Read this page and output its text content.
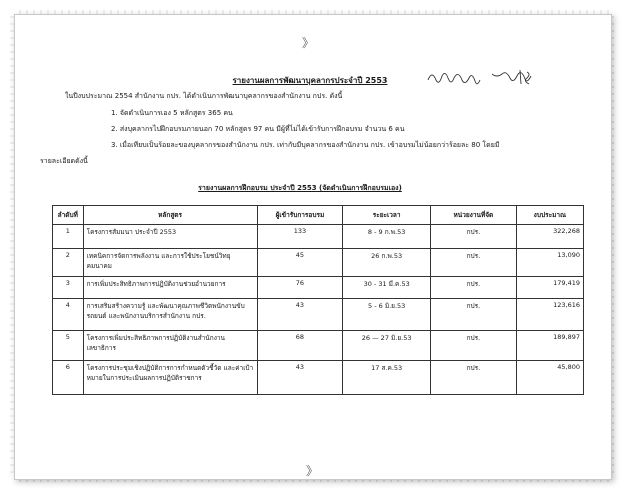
》
》
รายงานผลการพัฒนาบุคลากรประจำปี 2553
ในปีงบประมาณ 2554 สำนักงาน กปร. ได้ดำเนินการพัฒนาบุคลากรของสำนักงาน กปร. ดังนี้
1. จัดดำเนินการเอง 5 หลักสูตร 365 คน
2. ส่งบุคลากรไปฝึกอบรมภายนอก 70 หลักสูตร 97 คน มีผู้ที่ไม่ได้เข้ารับการฝึกอบรม จำนวน 6 คน
3. เมื่อเทียบเป็นร้อยละของบุคลากรของสำนักงาน กปร. เท่ากับมีบุคลากรของสำนักงาน กปร. เข้าอบรมไม่น้อยกว่าร้อยละ 80 โดยมี
รายละเอียดดังนี้
รายงานผลการฝึกอบรม ประจำปี 2553 (จัดดำเนินการฝึกอบรมเอง)
ลำดับที่	หลักสูตร	ผู้เข้ารับการอบรม	ระยะเวลา	หน่วยงานที่จัด	งบประมาณ
1	โครงการสัมมนา ประจำปี 2553	133	8 - 9 ก.พ.53	กปร.	322,268
2	เทคนิคการจัดการพลังงาน และการใช้ประโยชน์วิทยุคมนาคม	45	26 ก.พ.53	กปร.	13,090
3	การเพิ่มประสิทธิภาพการปฏิบัติงานช่วยอำนวยการ	76	30 - 31 มี.ค.53	กปร.	179,419
4	การเสริมสร้างความรู้ และพัฒนาคุณภาพชีวิตพนักงานขับรถยนต์ และพนักงานบริการสำนักงาน กปร.	43	5 - 6 มิ.ย.53	กปร.	123,616
5	โครงการเพิ่มประสิทธิภาพการปฏิบัติงานสำนักงานเลขาธิการ	68	26 — 27 มิ.ย.53	กปร.	189,897
6	โครงการประชุมเชิงปฏิบัติการการกำหนดตัวชี้วัด และค่าเป้าหมายในการประเมินผลการปฏิบัติราชการ	43	17 ส.ค.53	กปร.	45,800
